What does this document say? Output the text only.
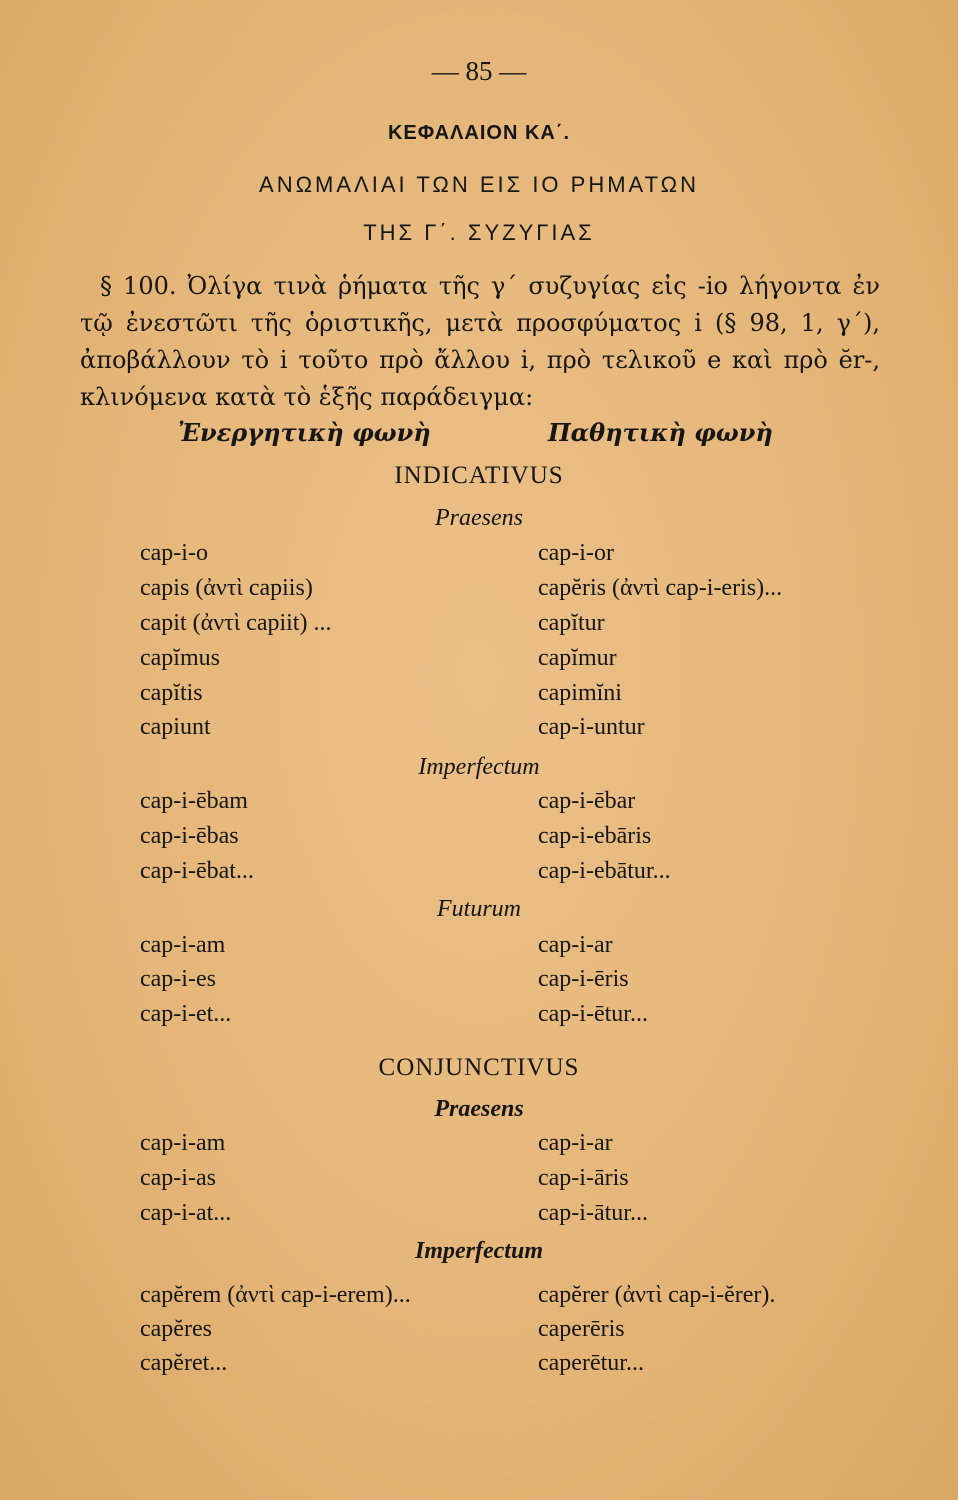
— 85 —
ΚΕΦΑΛΑΙΟΝ ΚΑ΄.
ΑΝΩΜΑΛΙΑΙ ΤΩΝ ΕΙΣ ΙΟ ΡΗΜΑΤΩΝ
ΤΗΣ Γ΄. ΣΥΖΥΓΙΑΣ
§ 100. Ὀλίγα τινὰ ῥήματα τῆς γ΄ συζυγίας εἰς -io λήγοντα ἐν τῷ ἐνεστῶτι τῆς ὁριστικῆς, μετὰ προσφύματος i (§ 98, 1, γ΄), ἀποβάλλουν τὸ i τοῦτο πρὸ ἄλλου i, πρὸ τελικοῦ e καὶ πρὸ ĕr-, κλινόμενα κατὰ τὸ ἑξῆς παράδειγμα:
Ἐνεργητικὴ φωνὴ	Παθητικὴ φωνὴ
INDICATIVUS
Praesens
cap-i-o
capis (ἀντὶ capiis)
capit (ἀντὶ capiit) ...
capĭmus
capĭtis
capiunt
cap-i-or
capĕris (ἀντὶ cap-i-eris)...
capĭtur
capĭmur
capimĭni
cap-i-untur
Imperfectum
cap-i-ēbam
cap-i-ēbas
cap-i-ēbat...
cap-i-ēbar
cap-i-ebāris
cap-i-ebātur...
Futurum
cap-i-am
cap-i-es
cap-i-et...
cap-i-ar
cap-i-ēris
cap-i-ētur...
CONJUNCTIVUS
Praesens
cap-i-am
cap-i-as
cap-i-at...
cap-i-ar
cap-i-āris
cap-i-ātur...
Imperfectum
capĕrem (ἀντὶ cap-i-erem)...
capĕres
capĕret...
capĕrer (ἀντὶ cap-i-ĕrer).
caperēris
caperētur...
